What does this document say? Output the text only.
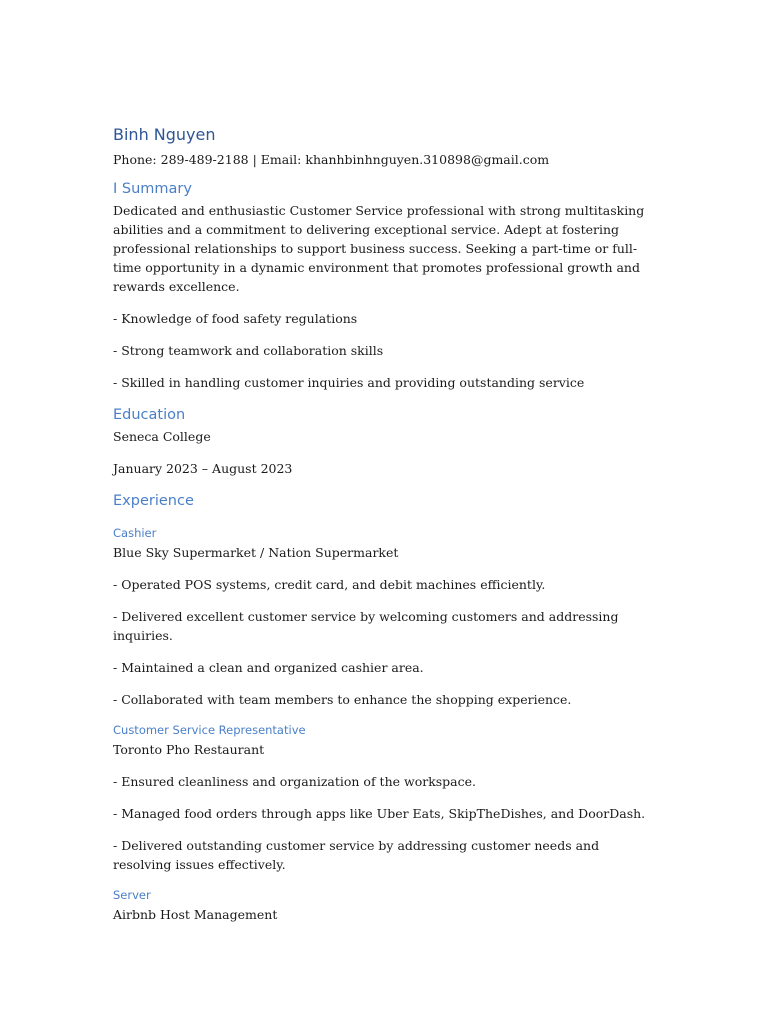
Binh Nguyen
Phone: 289-489-2188 | Email: khanhbinhnguyen.310898@gmail.com
I Summary
Dedicated and enthusiastic Customer Service professional with strong multitasking abilities and a commitment to delivering exceptional service. Adept at fostering professional relationships to support business success. Seeking a part-time or full-time opportunity in a dynamic environment that promotes professional growth and rewards excellence.
- Knowledge of food safety regulations
- Strong teamwork and collaboration skills
- Skilled in handling customer inquiries and providing outstanding service
Education
Seneca College
January 2023 – August 2023
Experience
Cashier
Blue Sky Supermarket / Nation Supermarket
- Operated POS systems, credit card, and debit machines efficiently.
- Delivered excellent customer service by welcoming customers and addressing inquiries.
- Maintained a clean and organized cashier area.
- Collaborated with team members to enhance the shopping experience.
Customer Service Representative
Toronto Pho Restaurant
- Ensured cleanliness and organization of the workspace.
- Managed food orders through apps like Uber Eats, SkipTheDishes, and DoorDash.
- Delivered outstanding customer service by addressing customer needs and resolving issues effectively.
Server
Airbnb Host Management
